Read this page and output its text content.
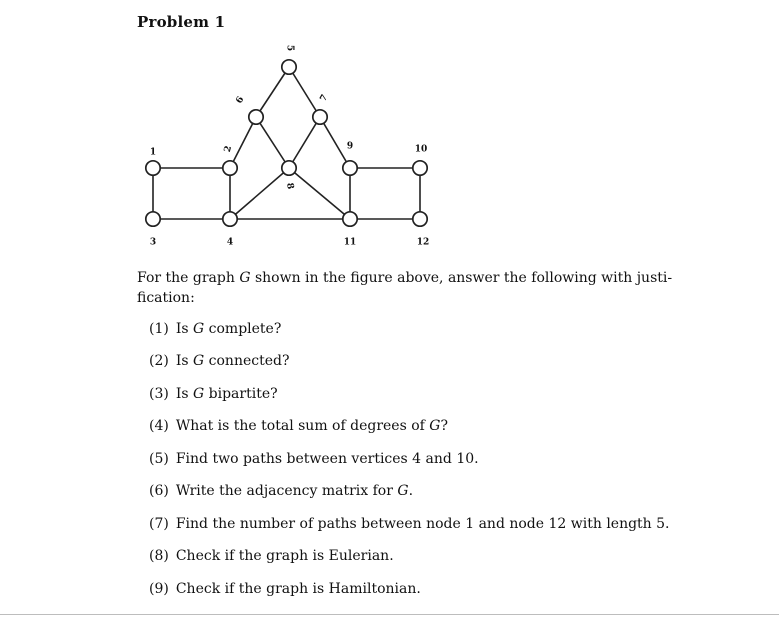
Problem 1
1	2
3	4
5
6	7
8
9	10
11	12
For the graph G shown in the figure above, answer the following with justi-fication:
(1) Is G complete?
(2) Is G connected?
(3) Is G bipartite?
(4) What is the total sum of degrees of G?
(5) Find two paths between vertices 4 and 10.
(6) Write the adjacency matrix for G.
(7) Find the number of paths between node 1 and node 12 with length 5.
(8) Check if the graph is Eulerian.
(9) Check if the graph is Hamiltonian.
